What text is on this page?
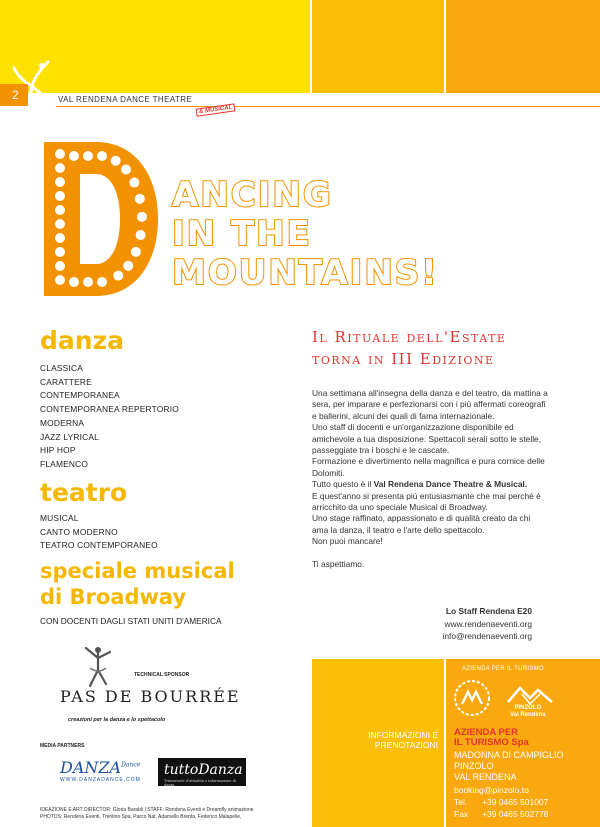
2	VAL RENDENA DANCE THEATRE
& MUSICAL
ANCING
IN THE
MOUNTAINS!
danza
CLASSICA
CARATTERE
CONTEMPORANEA
CONTEMPORANEA REPERTORIO
MODERNA
JAZZ LYRICAL
HIP HOP
FLAMENCO
teatro
MUSICAL
CANTO MODERNO
TEATRO CONTEMPORANEO
speciale musical
di Broadway
CON DOCENTI DAGLI STATI UNITI D'AMERICA
Il Rituale dell'Estate
torna in III Edizione

Una settimana all'insegna della danza e del teatro, da mattina a sera, per imparare e perfezionarsi con i più affermati coreografi e ballerini, alcuni dei quali di fama internazionale.

Uno staff di docenti e un'organizzazione disponibile ed amichevole a tua disposizione. Spettacoli serali sotto le stelle, passeggiate tra i boschi e le cascate.

Formazione e divertimento nella magnifica e pura cornice delle Dolomiti.

Tutto questo è il Val Rendena Dance Theatre & Musical.

E quest'anno si presenta più entusiasmante che mai perché è arricchito da uno speciale Musical di Broadway.

Uno stage raffinato, appassionato e di qualità creato da chi ama la danza, il teatro e l'arte dello spettacolo.

Non puoi mancare!

Ti aspettiamo.

Lo Staff Rendena E20
www.rendenaeventi.org
info@rendenaeventi.org
INFORMAZIONI E
PRENOTAZIONI
AZIENDA PER IL TURISMO
PINZOLO
Val Rendena
AZIENDA PER
IL TURISMO Spa
MADONNA DI CAMPIGLIO
PINZOLO
VAL RENDENA
booking@pinzolo.to
Tel. +39 0465 501007
Fax +39 0465 502778
TECHNICAL SPONSOR
PAS DE BOURRÉE
creazioni per la danza e lo spettacolo
MEDIA PARTNERS
$DANZA^{Dance}$
WWW.DANZADANCE.COM
tuttoDanza
Trimestrale d'attualità e informazione di danza
IDEAZIONE E ART DIRECTOR: Gloria Barabli | STAFF: Rendena Eventi e Dreamfly animazione
PHOTOS: Rendena Eventi, Trentino Spa, Parco Nat. Adamello Brenta, Federico Malapelle,
